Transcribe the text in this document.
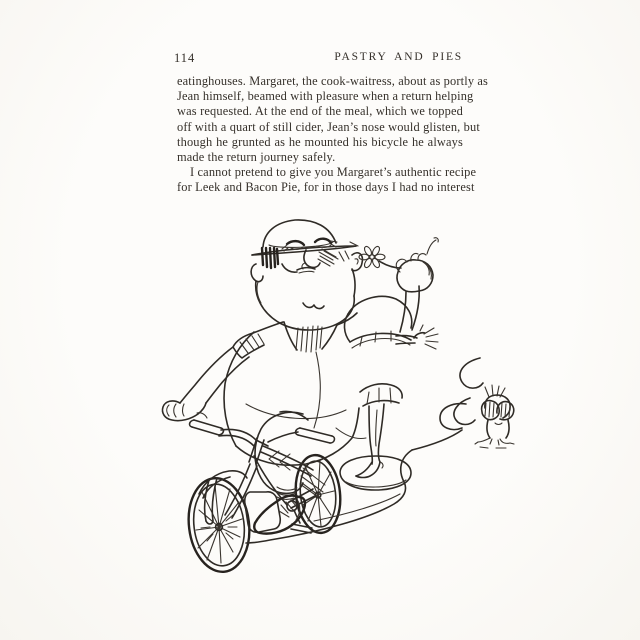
114	PASTRY AND PIES
eatinghouses. Margaret, the cook-waitress, about as portly as
Jean himself, beamed with pleasure when a return helping
was requested. At the end of the meal, which we topped
off with a quart of still cider, Jean’s nose would glisten, but
though he grunted as he mounted his bicycle he always
made the return journey safely.
I cannot pretend to give you Margaret’s authentic recipe
for Leek and Bacon Pie, for in those days I had no interest
